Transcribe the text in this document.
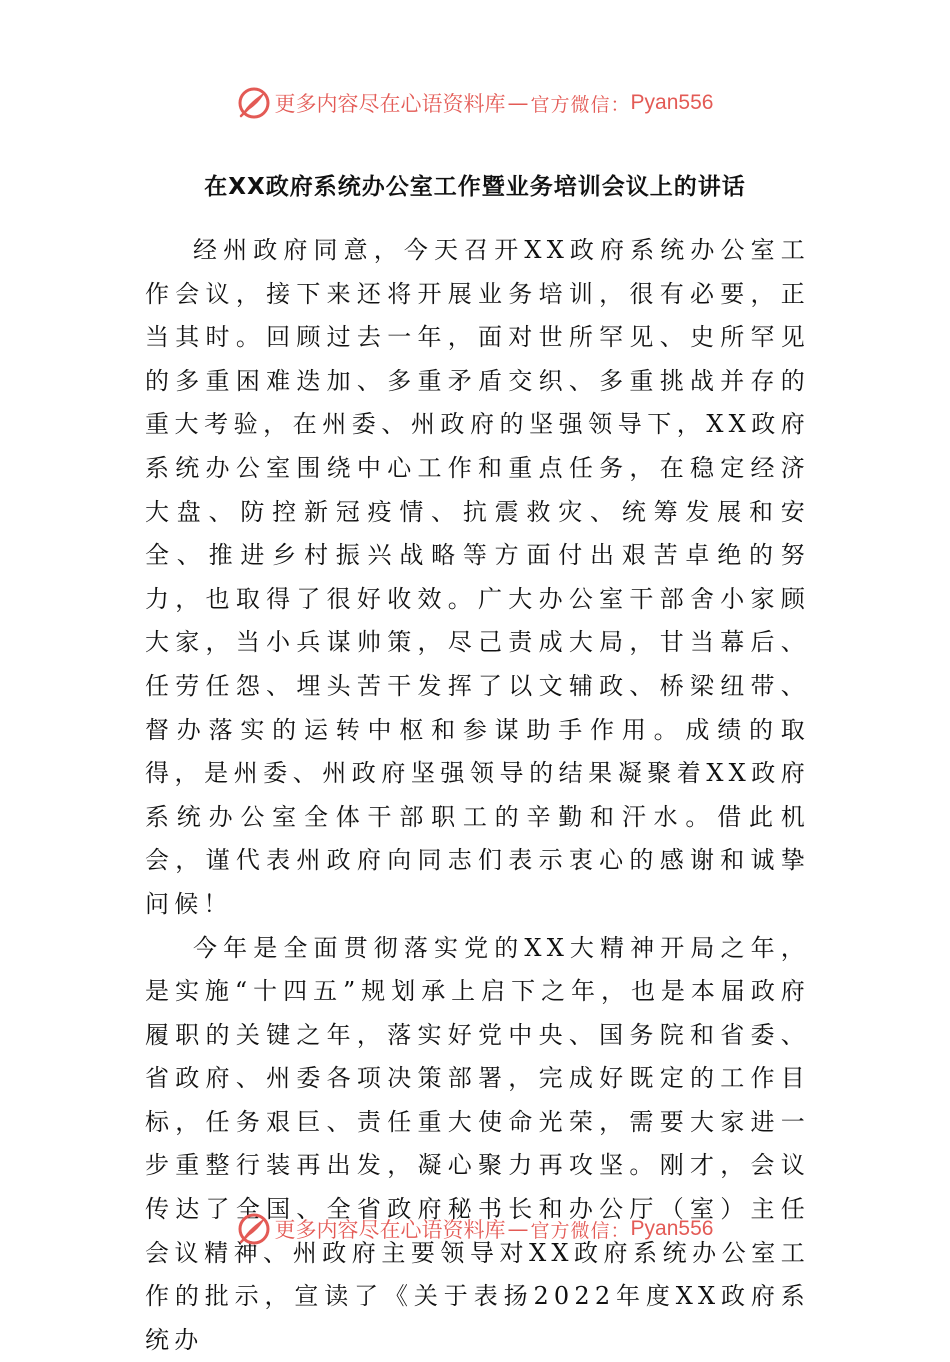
更多内容尽在心语资料库 — 官方微信： Pyan556
在XX政府系统办公室工作暨业务培训会议上的讲话

经州政府同意，今天召开XX政府系统办公室工作会议，接下来还将开展业务培训，很有必要，正当其时。回顾过去一年，面对世所罕见、史所罕见的多重困难迭加、多重矛盾交织、多重挑战并存的重大考验，在州委、州政府的坚强领导下，XX政府系统办公室围绕中心工作和重点任务，在稳定经济大盘、防控新冠疫情、抗震救灾、统筹发展和安全、推进乡村振兴战略等方面付出艰苦卓绝的努力，也取得了很好收效。广大办公室干部舍小家顾大家，当小兵谋帅策，尽己责成大局，甘当幕后、任劳任怨、埋头苦干发挥了以文辅政、桥梁纽带、督办落实的运转中枢和参谋助手作用。成绩的取得，是州委、州政府坚强领导的结果凝聚着XX政府系统办公室全体干部职工的辛勤和汗水。借此机会，谨代表州政府向同志们表示衷心的感谢和诚挚问候！

今年是全面贯彻落实党的XX大精神开局之年，是实施“十四五”规划承上启下之年，也是本届政府履职的关键之年，落实好党中央、国务院和省委、省政府、州委各项决策部署，完成好既定的工作目标，任务艰巨、责任重大使命光荣，需要大家进一步重整行装再出发，凝心聚力再攻坚。刚才，会议传达了全国、全省政府秘书长和办公厅（室）主任会议精神、州政府主要领导对XX政府系统办公室工作的批示，宣读了《关于表扬2022年度XX政府系统办

更多内容尽在心语资料库 — 官方微信： Pyan556
